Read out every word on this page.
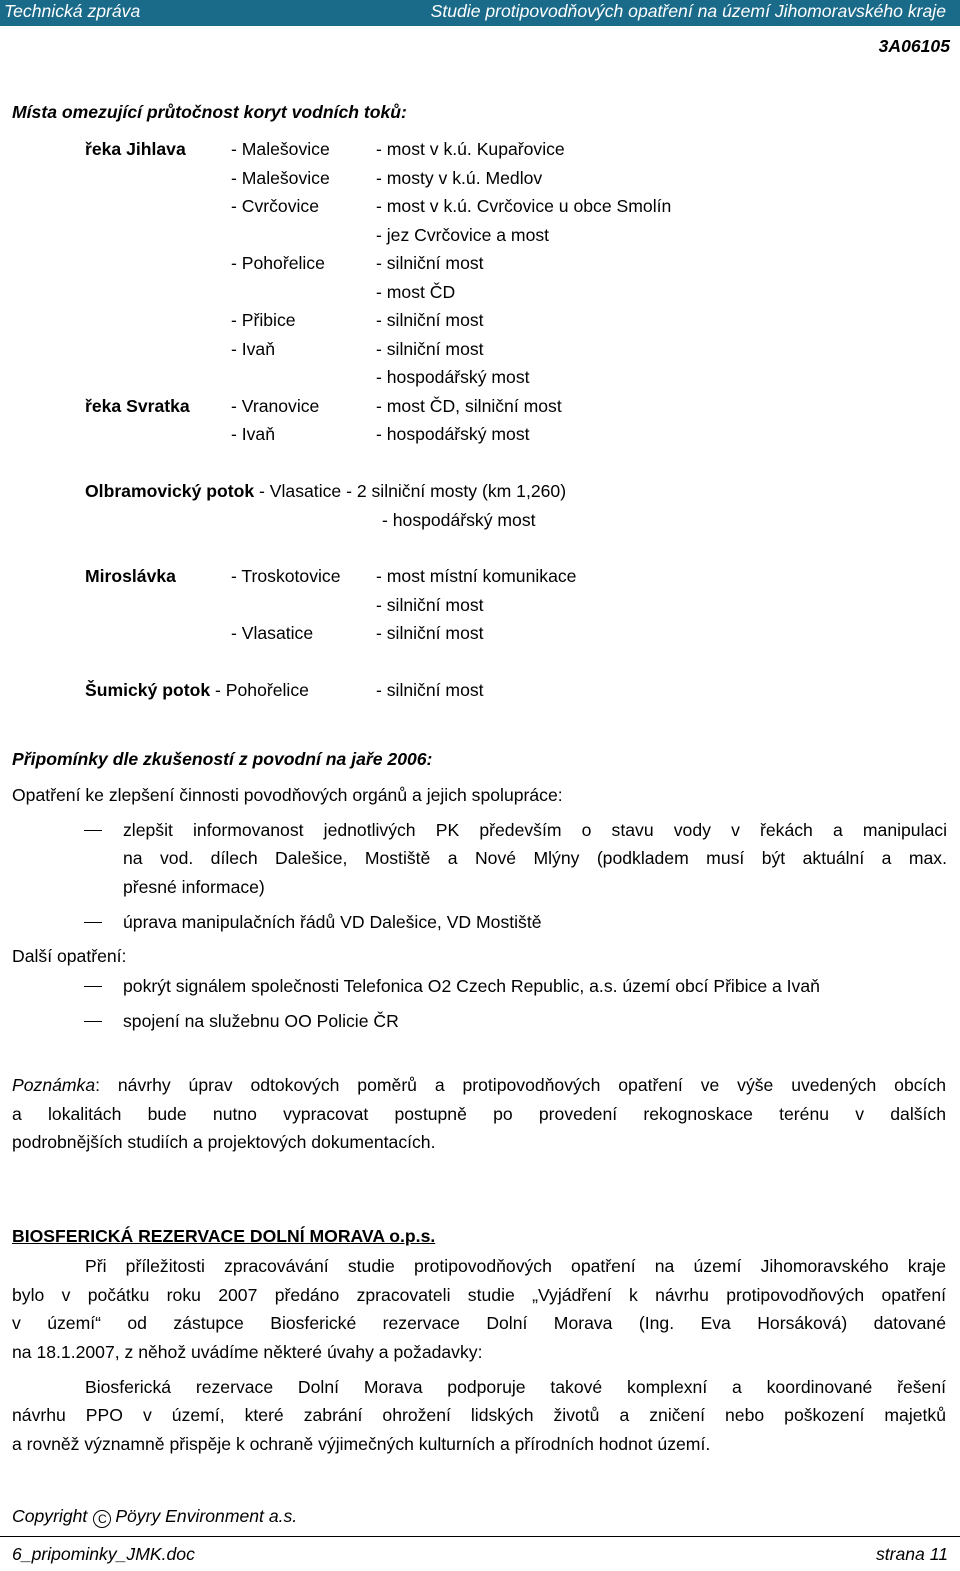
Technická zpráva	Studie protipovodňových opatření na území Jihomoravského kraje
3A06105
Místa omezující průtočnost koryt vodních toků:
řeka Jihlava	- Malešovice	- most v k.ú. Kupařovice
- Malešovice	- mosty v k.ú. Medlov
- Cvrčovice	- most v k.ú. Cvrčovice u obce Smolín
- jez Cvrčovice a most
- Pohořelice	- silniční most
- most ČD
- Přibice	- silniční most
- Ivaň	- silniční most
- hospodářský most
řeka Svratka - Vranovice	- most ČD, silniční most
- Ivaň	- hospodářský most
Olbramovický potok - Vlasatice - 2 silniční mosty (km 1,260)
- hospodářský most
Miroslávka	- Troskotovice - most místní komunikace
- silniční most
- Vlasatice	- silniční most
Šumický potok - Pohořelice	- silniční most
Připomínky dle zkušeností z povodní na jaře 2006:
Opatření ke zlepšení činnosti povodňových orgánů a jejich spolupráce:
zlepšit informovanost jednotlivých PK především o stavu vody v řekách a manipulaci
na vod. dílech Dalešice, Mostiště a Nové Mlýny (podkladem musí být aktuální a max.
přesné informace)
úprava manipulačních řádů VD Dalešice, VD Mostiště
Další opatření:
pokrýt signálem společnosti Telefonica O2 Czech Republic, a.s. území obcí Přibice a Ivaň
spojení na služebnu OO Policie ČR
Poznámka: návrhy úprav odtokových poměrů a protipovodňových opatření ve výše uvedených obcích
a lokalitách bude nutno vypracovat postupně po provedení rekognoskace terénu v dalších
podrobnějších studiích a projektových dokumentacích.
BIOSFERICKÁ REZERVACE DOLNÍ MORAVA o.p.s.
Při příležitosti zpracovávání studie protipovodňových opatření na území Jihomoravského kraje
bylo v počátku roku 2007 předáno zpracovateli studie „Vyjádření k návrhu protipovodňových opatření
v území“ od zástupce Biosferické rezervace Dolní Morava (Ing. Eva Horsáková) datované
na 18.1.2007, z něhož uvádíme některé úvahy a požadavky:
Biosferická rezervace Dolní Morava podporuje takové komplexní a koordinované řešení
návrhu PPO v území, které zabrání ohrožení lidských životů a zničení nebo poškození majetků
a rovněž významně přispěje k ochraně výjimečných kulturních a přírodních hodnot území.
Copyright C Pöyry Environment a.s.
6_pripominky_JMK.doc	strana 11
